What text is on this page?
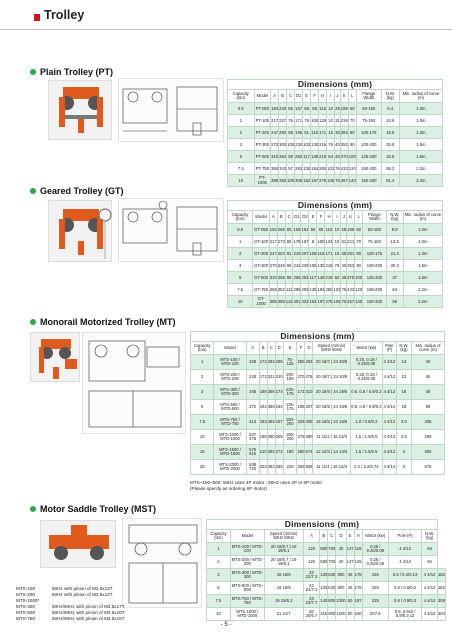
Trolley
Plain Trolley (PT)
Dimensions (mm)															
Capacity (ton)	Model	A	B	C	D1	E	F	H	I	J	K	L	Flange Width	N.W. (kg)	Min. radius of curve (m)
0.5	PT-050	184	220	85	157	68	88	115	10	28	199	60	50-150	6.4	1.0m
1	PT-100	217	227	76	171	78	100	125	10	31	219	70	75-150	10.6	1.0m
2	PT-200	247	260	88	195	91	116	171	15	36	284	80	100-175	16.8	1.3m
3	PT-300	270	300	100	230	103	130	216	79	40	353	90	100-200	25.8	1.5m
5	PT-500	310	364	99	250	117	148	218	84	46	370	100	125-200	32.6	1.6m
7.5	PT-750	368	343	97	293	130	184	260	103	76	433	120	150-200	59.3	2.2m
10	PT-1000	398	350	100	308	152	197	275	105	76	467	140	150-200	81.4	2.2m
Geared Trolley (GT)
Dimensions (mm)																
Capacity (ton)	Model	A	B	C	D1	D2	E	F	H	I	J	K	L	Flange Width	N.W. (kg)	Min. radius of curve (m)
0.5	GT-050	194	266	85	159	151	66	89	115	10	28	199	60	50-150	9.8	1.0m
1	GT-100	217	273	85	179	167	8	100	124	15	31	221	70	75-150	13.5	1.0m
2	GT-200	247	304	91	219	207	108	116	171	15	36	281	80	100-175	21.4	1.3m
3	GT-300	270	346	96	241	239	105	130	215	79	40	353	90	100-200	30.3	1.5m
5	GT-500	310	358	98	255	253	117	148	218	84	46	370	100	125-200	37	1.6m
7.5	GT-750	368	382	111	288	293	135	184	260	103	76	433	120	150-200	64	2.2m
10	GT-1000	398	388	114	301	322	152	197	275	105	76	467	140	150-200	86	2.2m
Monorail Motorized Trolley (MT)
Dimensions (mm)													
Capacity (ton)	Model	A	B	C	D	E	F	G	Speed (m/min) 50Hz 60Hz	Motor (kw)	Pole (P)	N.W. (kg)	Min. radius of curve (m)
1	MTS-100 / MTD-100	228	173	284	185	75-125	250	253	20 16/7 | 24 20/8	0.25, 0.18 / 0.25/0.08	4 4/12	13	40
2	MTS-200 / MTD-200	228	173	321	220	100-150	270	278	20 16/7 | 24 20/8	0.25, 0.18 / 0.25/0.08	4 4/12	13	45
3	MTS-300 / MTD-300	348	188	356	174	125-175	173	310	20 16/5 | 24 19/6	0.6, 0.8 / 0.8/0.2	4 4/12	18	48
5	MTS-500 / MTD-500	372	194	386	194	125-175	185	337	20 16/5 | 24 19/6	0.6, 0.8 / 0.8/0.2	4 4/12	18	80
7.5	MTS-750 / MTD-750	413	183	494	167	150-200	229	408	16 16/5 | 24 19/6	1.0 / 0.8/0.2	4 4/12	3.0	335
10	MTS-1000 / MTD-1000	537 476	180	380	205	150-200	275	490	11 11/3 | 16 13/3	1.5 / 1.5/0.5	4 4/12	2.5	206
15	MTS-1500 / MTD-1500	576 615	210	392	274	180	260	574	12 12/4 | 14 14/4	1.5 / 1.5/0.5	4 4/12	4	306
20	MTS-2000 / MTD-2000	638 720	223	482	265	220	293	608	11 11/4 | 15 12/4	2.2 / 2.2/0.73	4 4/12	4	575
MTS~100~500: 50Hz uses 4P motor ; 60Hz uses 4P or 6P motor
(Please specify as ordering 6P motor)
Motor Saddle Trolley (MST)
Dimensions (mm)												
Capacity (ton)	Model	Speed (m/min) 50Hz 60Hz	A	B	C	D	E	H	Motor (kw)	Pole (P)	N.W. (kg)	
1	MTS-100 / MTD-100	20 16/6.7 | 19 19/6.1	120	580	700	40	147	115	0.25 / 0.25/0.08	4 4/12	94	
2	MTS-200 / MTD-200	20 16/6.7 | 19 19/6.1	120	580	700	40	147	125	0.25 / 0.25/0.08	4 4/12	94	
3	MTS-300 / MTD-300	18 16/6	22 22/7.3	130	630	800	45	176	155	0.6 / 0.4/0.13	4 4/12	182
5	MTS-500 / MTD-500	18 16/6	22 22/7.1	130	630	800	45	176	155	0.6 / 0.6/0.2	4 4/12	182
7.5	MTS-750 / MTD-750	19 15/6.3	23 23/7.7	140	800	1000	50	187	225	0.9 / 0.9/0.3	4 4/12	306
10	MTS-1000 / MTD-1000	21 21/7	20 20/6.7	215	900	1200	50	240	227.5	0.9, 0.9x2 / 0.9/0.3 x2	4 4/12	304
MTS-100	50Hz with pinion of M3.5x13T
MTS-200	60Hz with pinion of M3.5x13T
MTS-1000*
MTS-300	50Hz/60Hz with pinion of M3.5x17T
MTS-500	50Hz/60Hz with pinion of M3.5x20T
MTS-750	50Hz/60Hz with pinion of M3.5x15T
- 5 -
